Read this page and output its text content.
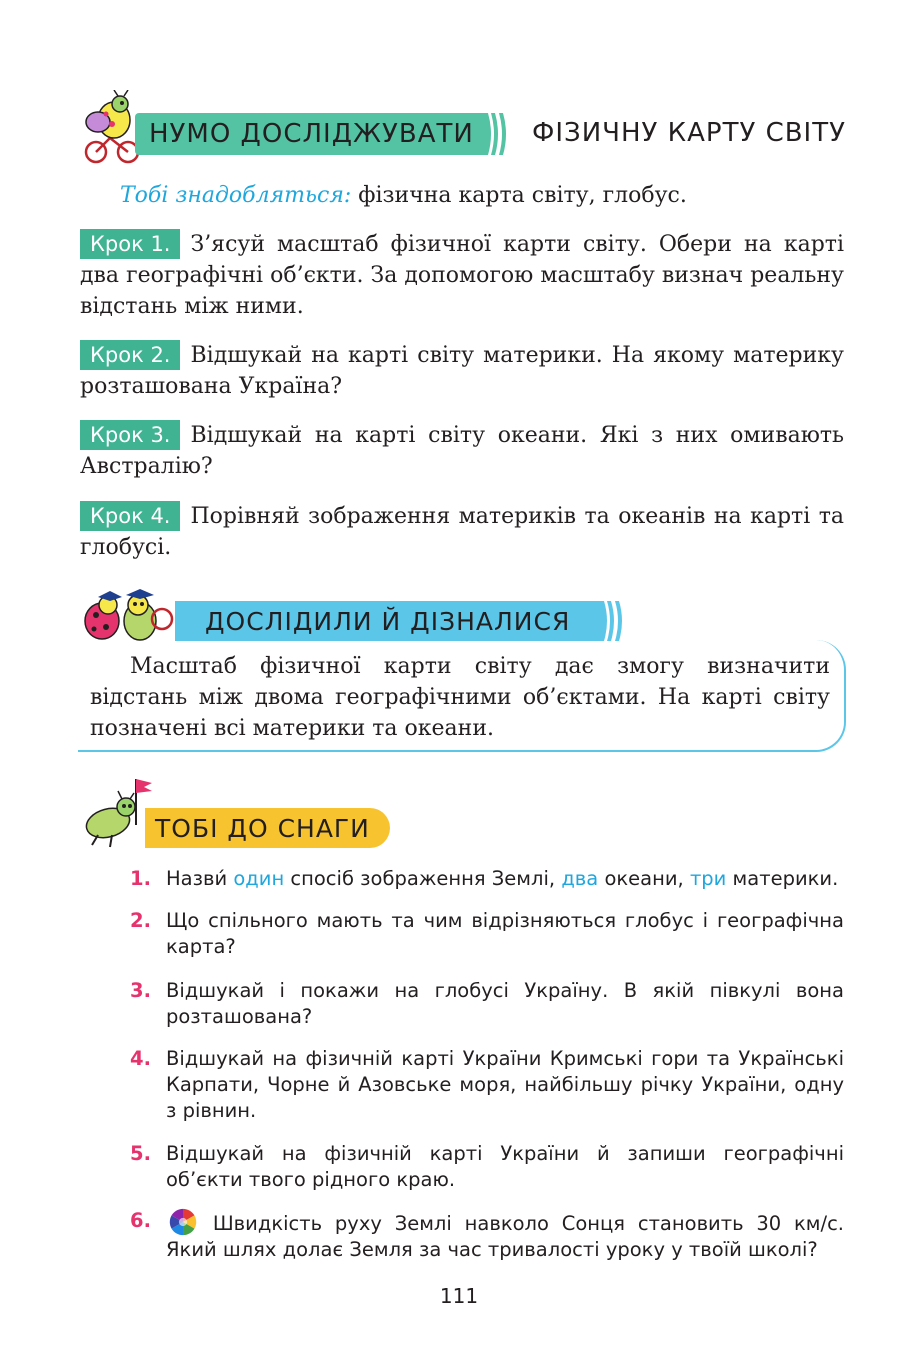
НУМО ДОСЛІДЖУВАТИ ФІЗИЧНУ КАРТУ СВІТУ
Тобі знадобляться: фізична карта світу, глобус.
Крок 1. З’ясуй масштаб фізичної карти світу. Обери на карті два географічні об’єкти. За допомогою масштабу визнач реальну відстань між ними.
Крок 2. Відшукай на карті світу материки. На якому материку розташована Україна?
Крок 3. Відшукай на карті світу океани. Які з них омивають Австралію?
Крок 4. Порівняй зображення материків та океанів на карті та глобусі.
ДОСЛІДИЛИ Й ДІЗНАЛИСЯ
Масштаб фізичної карти світу дає змогу визначити відстань між двома географічними об’єктами. На карті світу позначені всі материки та океани.
ТОБІ ДО СНАГИ
1. Назви́ один спосіб зображення Землі, два океани, три материки.
2. Що спільного мають та чим відрізняються глобус і географічна карта?
3. Відшукай і покажи на глобусі Україну. В якій півкулі вона розташована?
4. Відшукай на фізичній карті України Кримські гори та Українські Карпати, Чорне й Азовське моря, найбільшу річку України, одну з рівнин.
5. Відшукай на фізичній карті України й запиши географічні об’єкти твого рідного краю.
6.	Швидкість руху Землі навколо Сонця становить 30 км/с. Який шлях долає Земля за час тривалості уроку у твоїй школі?
111
